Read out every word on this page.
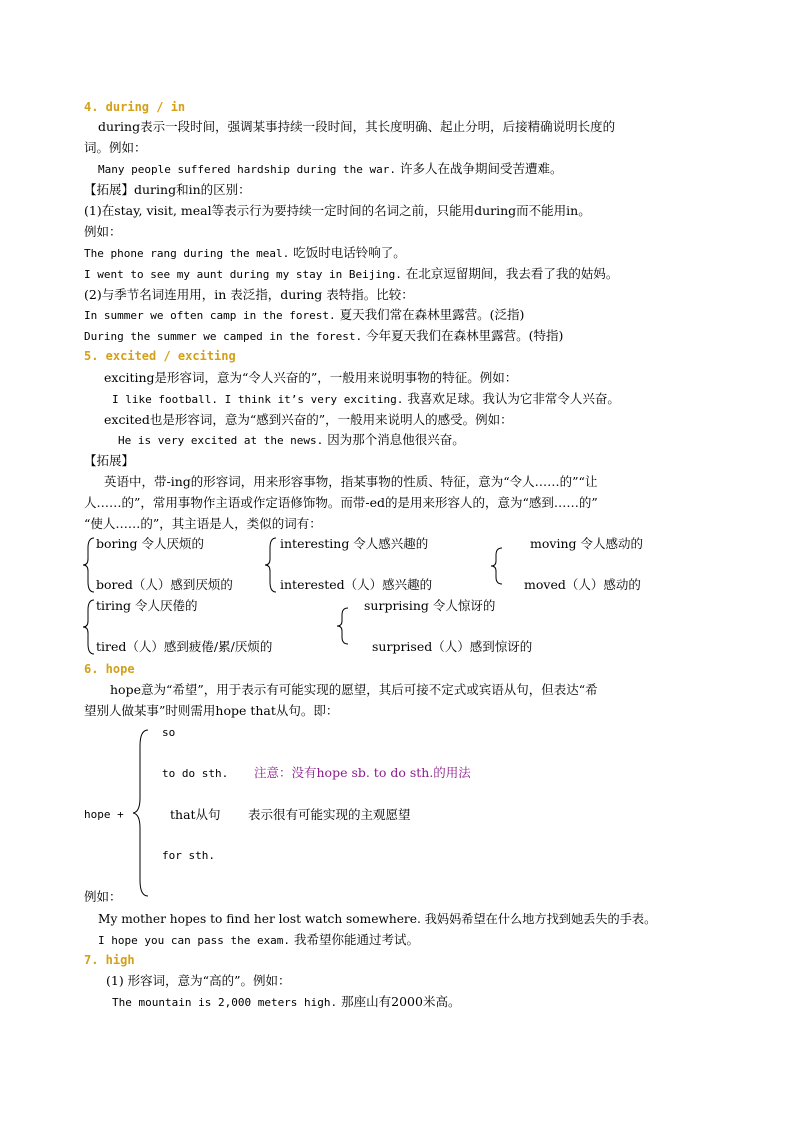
4. during / in
during表示一段时间，强调某事持续一段时间，其长度明确、起止分明，后接精确说明长度的
词。例如：
Many people suffered hardship during the war. 许多人在战争期间受苦遭难。
【拓展】during和in的区别：
(1)在stay, visit, meal等表示行为要持续一定时间的名词之前，只能用during而不能用in。
例如：
The phone rang during the meal. 吃饭时电话铃响了。
I went to see my aunt during my stay in Beijing. 在北京逗留期间，我去看了我的姑妈。
(2)与季节名词连用用，in 表泛指，during 表特指。比较：
In summer we often camp in the forest. 夏天我们常在森林里露营。(泛指)
During the summer we camped in the forest. 今年夏天我们在森林里露营。(特指)
5. excited / exciting
exciting是形容词，意为“令人兴奋的”，一般用来说明事物的特征。例如：
I like football. I think it’s very exciting. 我喜欢足球。我认为它非常令人兴奋。
excited也是形容词，意为“感到兴奋的”，一般用来说明人的感受。例如：
He is very excited at the news. 因为那个消息他很兴奋。
【拓展】
英语中，带-ing的形容词，用来形容事物，指某事物的性质、特征，意为“令人……的”“让
人……的”，常用事物作主语或作定语修饰物。而带-ed的是用来形容人的，意为“感到……的”
“使人……的”，其主语是人，类似的词有：
boring 令人厌烦的
bored（人）感到厌烦的
interesting 令人感兴趣的
interested（人）感兴趣的
moving 令人感动的
moved（人）感动的
tiring 令人厌倦的
tired（人）感到疲倦/累/厌烦的
surprising 令人惊讶的
surprised（人）感到惊讶的
6. hope
hope意为“希望”，用于表示有可能实现的愿望，其后可接不定式或宾语从句，但表达“希
望别人做某事”时则需用hope that从句。即：
so
to do sth. 注意：没有hope sb. to do sth.的用法
hope +	that从句 表示很有可能实现的主观愿望
for sth.
例如：
My mother hopes to find her lost watch somewhere. 我妈妈希望在什么地方找到她丢失的手表。
I hope you can pass the exam. 我希望你能通过考试。
7. high
(1) 形容词，意为“高的”。例如：
The mountain is 2,000 meters high. 那座山有2000米高。
